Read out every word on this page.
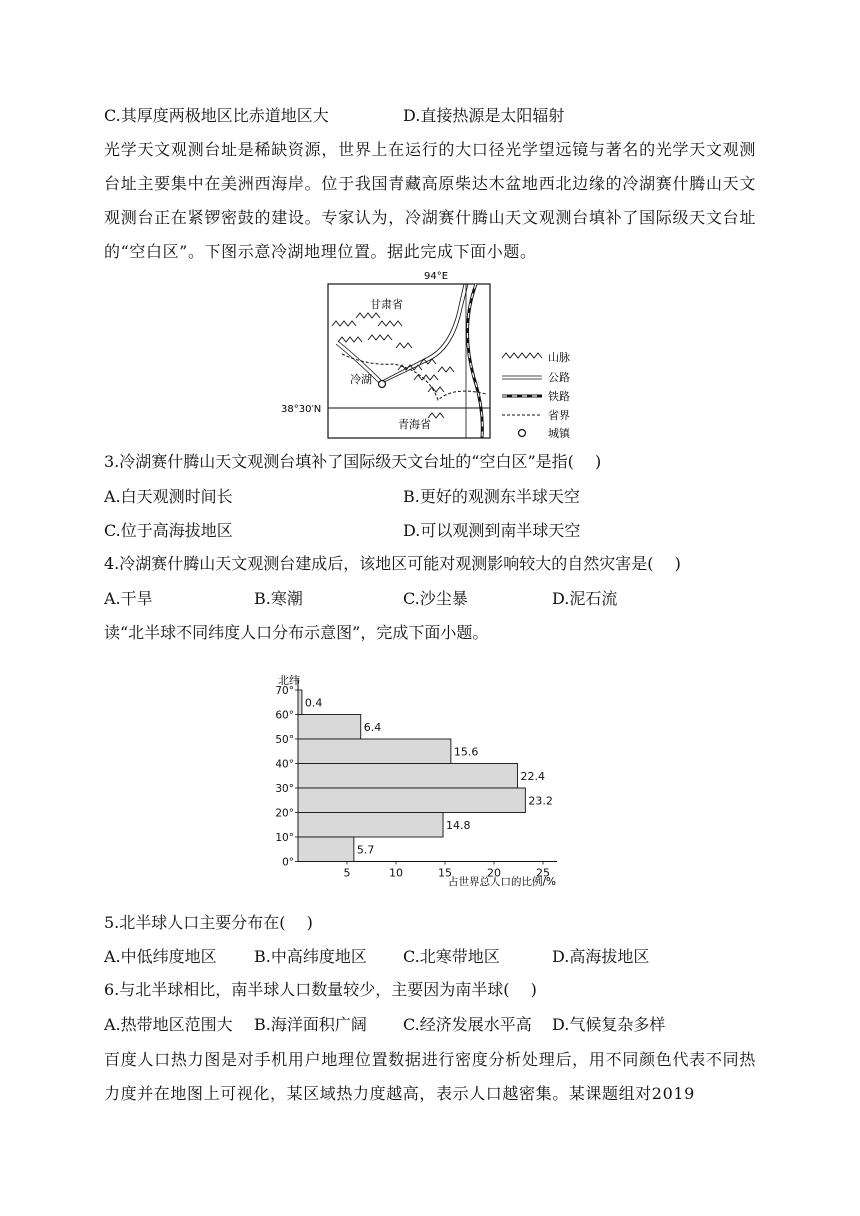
C.其厚度两极地区比赤道地区大	D.直接热源是太阳辐射
光学天文观测台址是稀缺资源，世界上在运行的大口径光学望远镜与著名的光学天文观测台址主要集中在美洲西海岸。位于我国青藏高原柴达木盆地西北边缘的冷湖赛什腾山天文观测台正在紧锣密鼓的建设。专家认为，冷湖赛什腾山天文观测台填补了国际级天文台址的“空白区”。下图示意冷湖地理位置。据此完成下面小题。
94°E
38°30′N
甘肃省
青海省
冷湖
山脉
公路
铁路
省界
城镇
3.冷湖赛什腾山天文观测台填补了国际级天文台址的“空白区”是指(　 )
A.白天观测时间长	B.更好的观测东半球天空
C.位于高海拔地区	D.可以观测到南半球天空
4.冷湖赛什腾山天文观测台建成后，该地区可能对观测影响较大的自然灾害是(　 )
A.干旱	B.寒潮	C.沙尘暴	D.泥石流
读“北半球不同纬度人口分布示意图”，完成下面小题。
北纬
占世界总人口的比例/%
0.4
6.4
15.6
22.4
23.2
14.8
5.7
70°
60°
50°
40°
30°
20°
10°
0°
5	10	15	20	25
5.北半球人口主要分布在(　 )
A.中低纬度地区 B.中高纬度地区 C.北寒带地区	D.高海拔地区
6.与北半球相比，南半球人口数量较少，主要因为南半球(　 )
A.热带地区范围大 B.海洋面积广阔 C.经济发展水平高 D.气候复杂多样
百度人口热力图是对手机用户地理位置数据进行密度分析处理后，用不同颜色代表不同热力度并在地图上可视化，某区域热力度越高，表示人口越密集。某课题组对2019
